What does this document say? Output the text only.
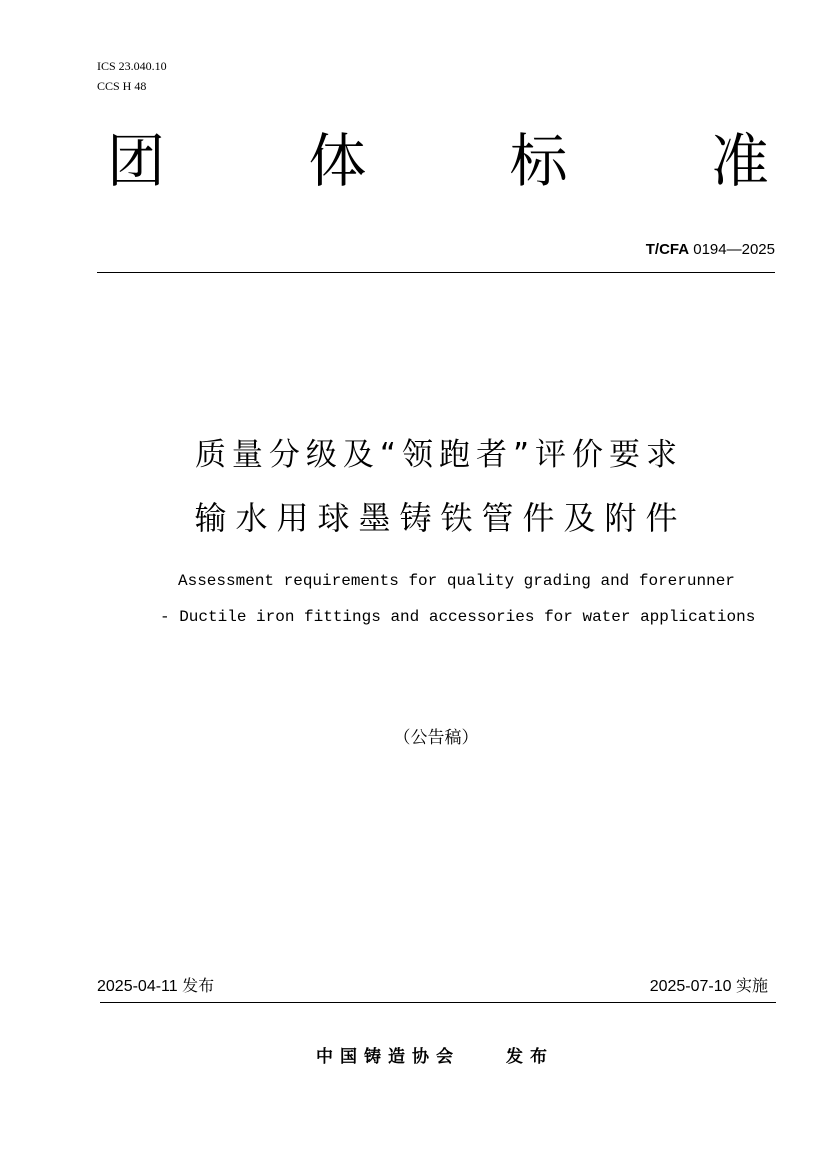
ICS 23.040.10
CCS H 48
团 体 标 准
T/CFA 0194—2025
质量分级及“领跑者”评价要求
输水用球墨铸铁管件及附件
Assessment requirements for quality grading and forerunner
- Ductile iron fittings and accessories for water applications
（公告稿）
2025-04-11 发布	2025-07-10 实施
中国铸造协会	发布
